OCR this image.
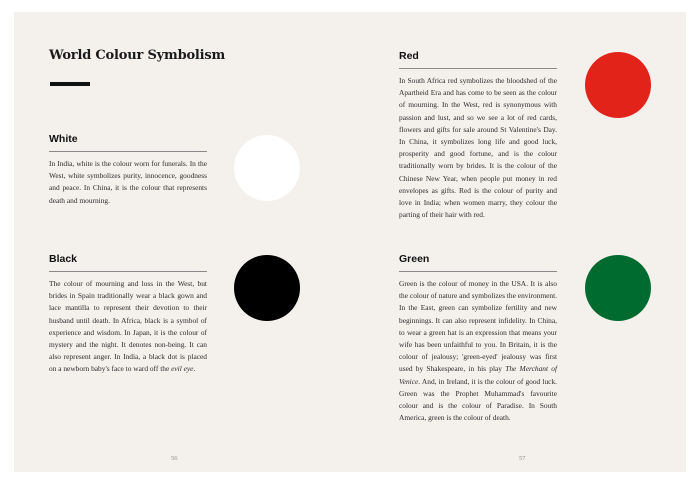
World Colour Symbolism
White

In India, white is the colour worn for funerals. In the West, white symbolizes purity, innocence, goodness and peace. In China, it is the colour that represents death and mourning.

Black

The colour of mourning and loss in the West, but brides in Spain traditionally wear a black gown and lace mantilla to represent their devotion to their husband until death. In Africa, black is a symbol of experience and wisdom. In Japan, it is the colour of mystery and the night. It denotes non-being. It can also represent anger. In India, a black dot is placed on a newborn baby's face to ward off the evil eye.

Red

In South Africa red symbolizes the bloodshed of the Apartheid Era and has come to be seen as the colour of mourning. In the West, red is synonymous with passion and lust, and so we see a lot of red cards, flowers and gifts for sale around St Valentine's Day. In China, it symbolizes long life and good luck, prosperity and good fortune, and is the colour traditionally worn by brides. It is the colour of the Chinese New Year, when people put money in red envelopes as gifts. Red is the colour of purity and love in India; when women marry, they colour the parting of their hair with red.

Green

Green is the colour of money in the USA. It is also the colour of nature and symbolizes the environment. In the East, green can symbolize fertility and new beginnings. It can also represent infidelity. In China, to wear a green hat is an expression that means your wife has been unfaithful to you. In Britain, it is the colour of jealousy; 'green-eyed' jealousy was first used by Shakespeare, in his play The Merchant of Venice. And, in Ireland, it is the colour of good luck. Green was the Prophet Muhammad's favourite colour and is the colour of Paradise. In South America, green is the colour of death.

56	57
